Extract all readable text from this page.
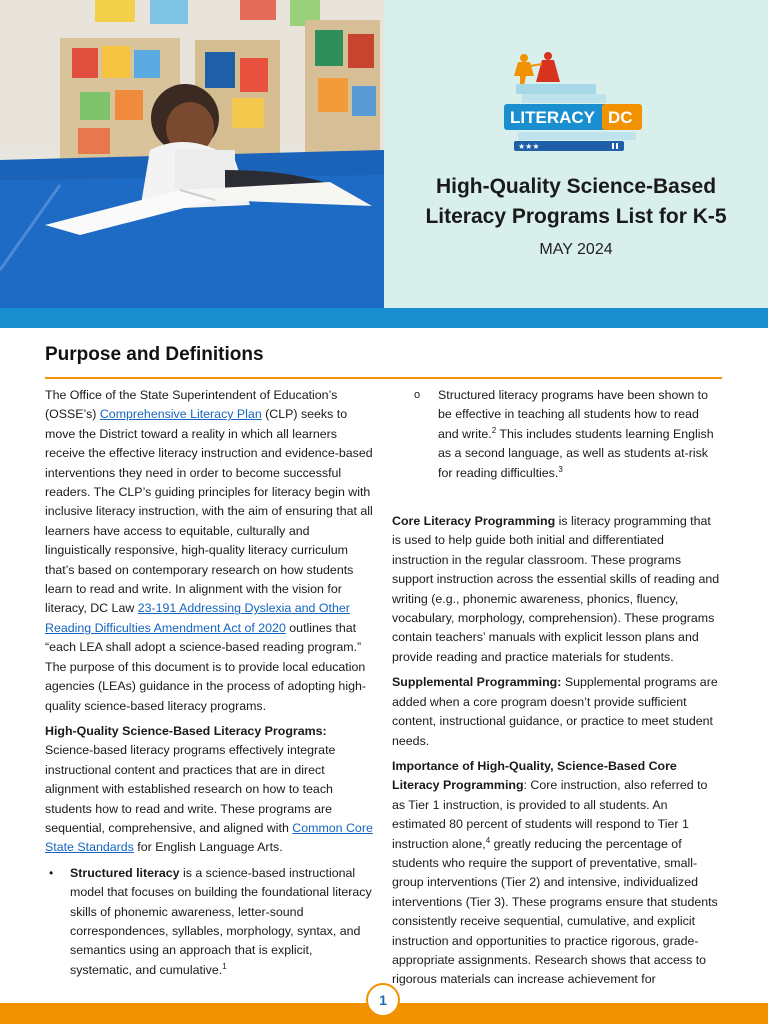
LITERACY DC
★★★
High-Quality Science-Based
Literacy Programs List for K-5
MAY 2024
Purpose and Definitions

The Office of the State Superintendent of Education’s (OSSE’s) Comprehensive Literacy Plan (CLP) seeks to move the District toward a reality in which all learners receive the effective literacy instruction and evidence-based interventions they need in order to become successful readers. The CLP’s guiding principles for literacy begin with inclusive literacy instruction, with the aim of ensuring that all learners have access to equitable, culturally and linguistically responsive, high-quality literacy curriculum that’s based on contemporary research on how students learn to read and write. In alignment with the vision for literacy, DC Law 23-191 Addressing Dyslexia and Other Reading Difficulties Amendment Act of 2020 outlines that “each LEA shall adopt a science-based reading program.” The purpose of this document is to provide local education agencies (LEAs) guidance in the process of adopting high-quality science-based literacy programs.

High-Quality Science-Based Literacy Programs: Science-based literacy programs effectively integrate instructional content and practices that are in direct alignment with established research on how to teach students how to read and write. These programs are sequential, comprehensive, and aligned with Common Core State Standards for English Language Arts.

• Structured literacy is a science-based instructional model that focuses on building the foundational literacy skills of phonemic awareness, letter-sound correspondences, syllables, morphology, syntax, and semantics using an approach that is explicit, systematic, and cumulative.$^1$
o Structured literacy programs have been shown to be effective in teaching all students how to read and write.$^2$ This includes students learning English as a second language, as well as students at-risk for reading difficulties.$^3$

Core Literacy Programming is literacy programming that is used to help guide both initial and differentiated instruction in the regular classroom. These programs support instruction across the essential skills of reading and writing (e.g., phonemic awareness, phonics, fluency, vocabulary, morphology, comprehension). These programs contain teachers’ manuals with explicit lesson plans and provide reading and practice materials for students.

Supplemental Programming: Supplemental programs are added when a core program doesn’t provide sufficient content, instructional guidance, or practice to meet student needs.

Importance of High-Quality, Science-Based Core Literacy Programming: Core instruction, also referred to as Tier 1 instruction, is provided to all students. An estimated 80 percent of students will respond to Tier 1 instruction alone,$^4$ greatly reducing the percentage of students who require the support of preventative, small-group interventions (Tier 2) and intensive, individualized interventions (Tier 3). These programs ensure that students consistently receive sequential, cumulative, and explicit instruction and opportunities to practice rigorous, grade-appropriate assignments. Research shows that access to rigorous materials can increase achievement for

1
